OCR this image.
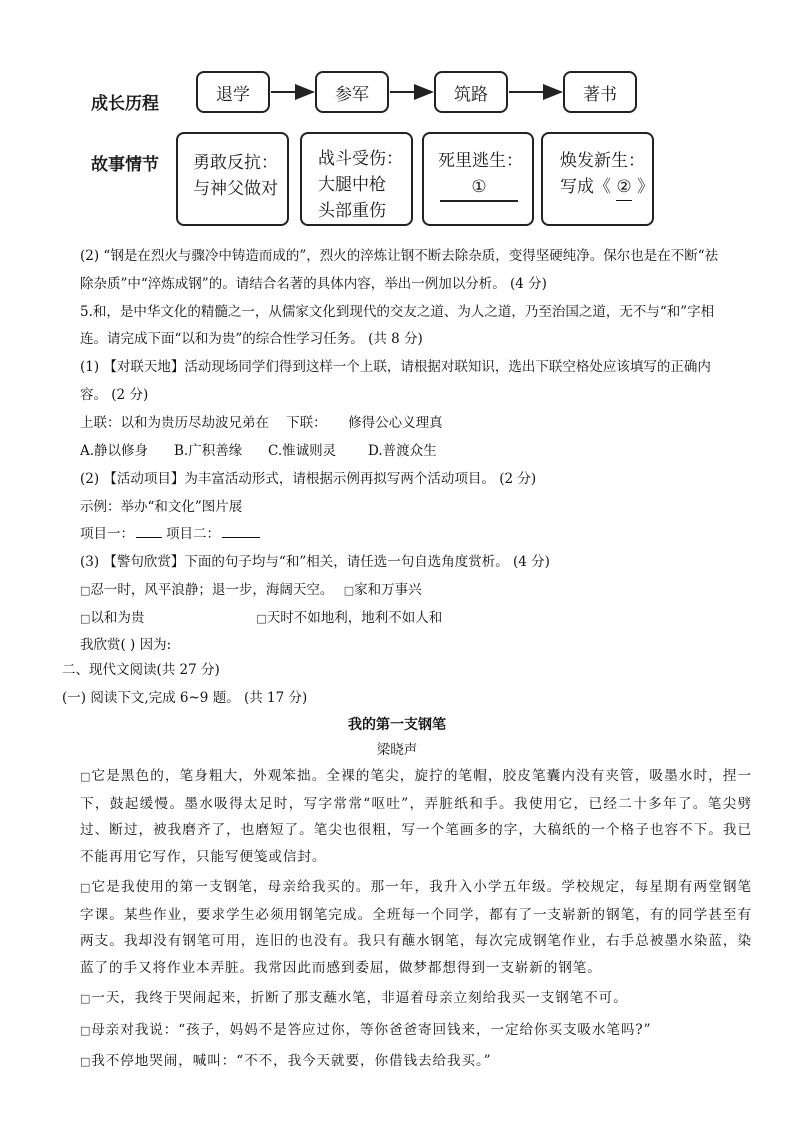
成长历程
故事情节
退学	参军	筑路	著书
勇敢反抗：
与神父做对
战斗受伤：
大腿中枪
头部重伤
死里逃生：
①
焕发新生：
写成《 ② 》
(2) “钢是在烈火与骤冷中铸造而成的”，烈火的淬炼让钢不断去除杂质，变得坚硬纯净。保尔也是在不断“祛
除杂质”中“淬炼成钢”的。请结合名著的具体内容，举出一例加以分析。 (4 分)
5.和，是中华文化的精髓之一，从儒家文化到现代的交友之道、为人之道，乃至治国之道，无不与“和”字相
连。请完成下面“以和为贵”的综合性学习任务。 (共 8 分)
(1) 【对联天地】活动现场同学们得到这样一个上联，请根据对联知识，选出下联空格处应该填写的正确内
容。 (2 分)
上联：以和为贵历尽劫波兄弟在    下联：     修得公心义理真
A.静以修身 B.广积善缘 C.惟诚则灵 D.普渡众生
(2) 【活动项目】为丰富活动形式，请根据示例再拟写两个活动项目。 (2 分)
示例：举办“和文化”图片展
项目一： 项目二：
(3) 【警句欣赏】下面的句子均与“和”相关，请任选一句自选角度赏析。 (4 分)
□忍一时，风平浪静；退一步，海阔天空。 □家和万事兴
□以和为贵	□天时不如地利，地利不如人和
我欣赏( ) 因为:
二、现代文阅读(共 27 分)
(一) 阅读下文,完成 6~9 题。 (共 17 分)
我的第一支钢笔
梁晓声

□它是黑色的，笔身粗大，外观笨拙。全裸的笔尖，旋拧的笔帽，胶皮笔囊内没有夹管，吸墨水时，捏一下，鼓起缓慢。墨水吸得太足时，写字常常“呕吐”，弄脏纸和手。我使用它，已经二十多年了。笔尖劈过、断过，被我磨齐了，也磨短了。笔尖也很粗，写一个笔画多的字，大稿纸的一个格子也容不下。我已不能再用它写作，只能写便笺或信封。

□它是我使用的第一支钢笔，母亲给我买的。那一年，我升入小学五年级。学校规定，每星期有两堂钢笔字课。某些作业，要求学生必须用钢笔完成。全班每一个同学，都有了一支崭新的钢笔，有的同学甚至有两支。我却没有钢笔可用，连旧的也没有。我只有蘸水钢笔，每次完成钢笔作业，右手总被墨水染蓝，染蓝了的手又将作业本弄脏。我常因此而感到委屈，做梦都想得到一支崭新的钢笔。

□一天，我终于哭闹起来，折断了那支蘸水笔，非逼着母亲立刻给我买一支钢笔不可。

□母亲对我说：“孩子，妈妈不是答应过你，等你爸爸寄回钱来，一定给你买支吸水笔吗?”

□我不停地哭闹，喊叫：“不不，我今天就要，你借钱去给我买。”
